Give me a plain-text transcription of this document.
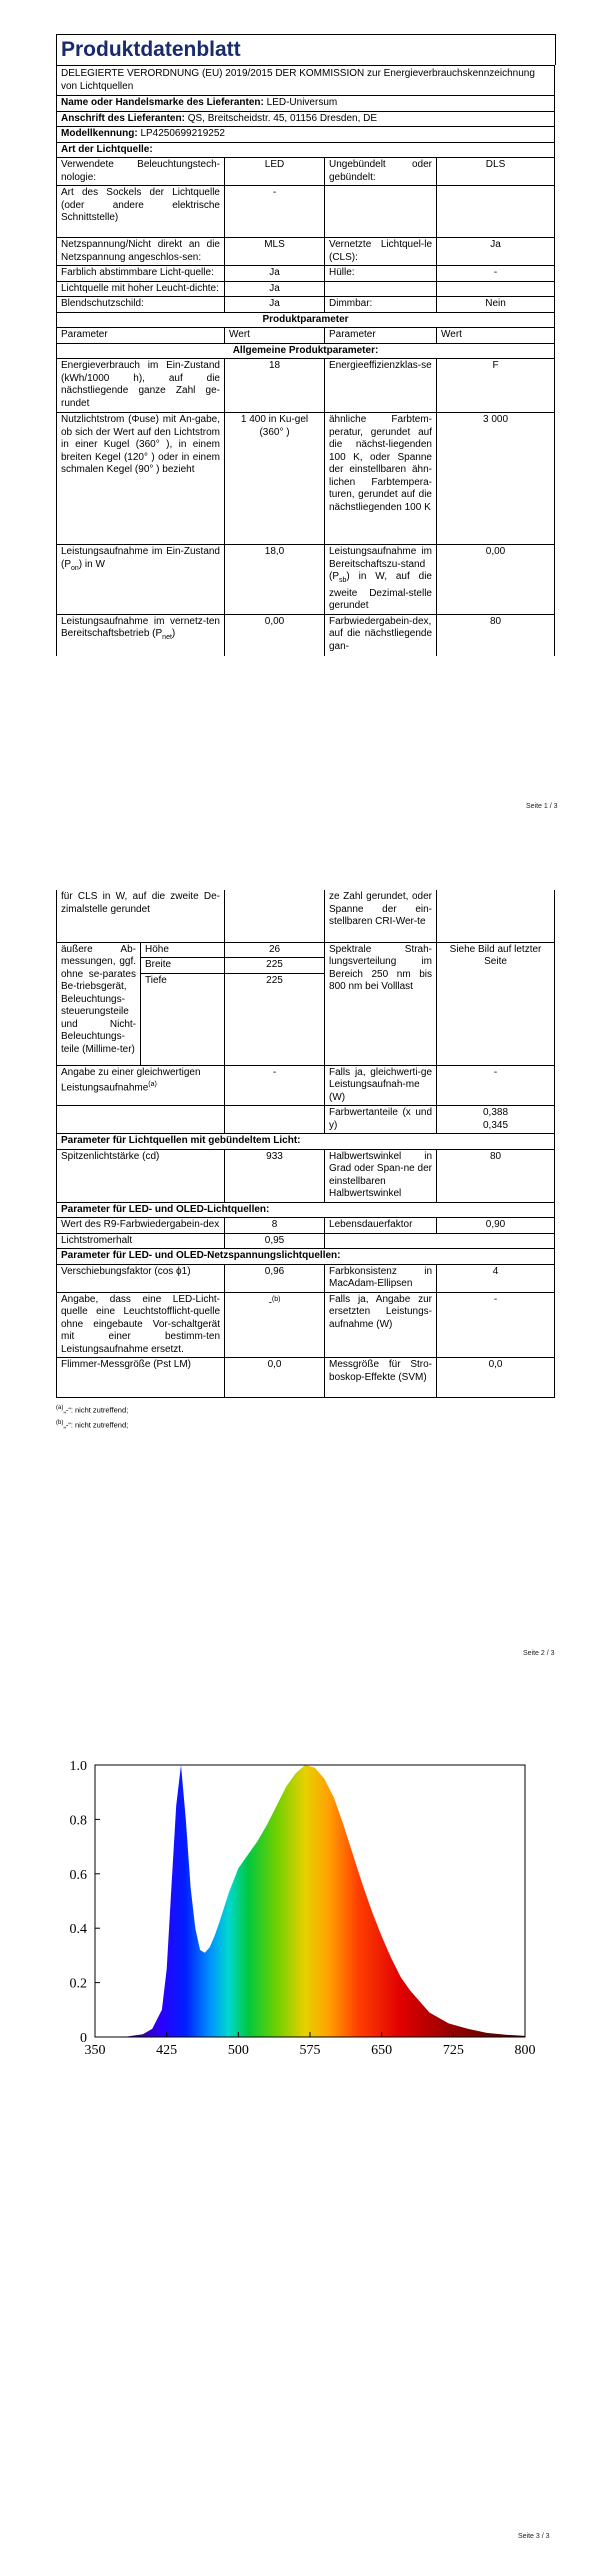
Produktdatenblatt
DELEGIERTE VERORDNUNG (EU) 2019/2015 DER KOMMISSION zur Energieverbrauchskennzeichnung von Lichtquellen			
Name oder Handelsmarke des Lieferanten: LED-Universum			
Anschrift des Lieferanten: QS, Breitscheidstr. 45, 01156 Dresden, DE			
Modellkennung: LP4250699219252			
Art der Lichtquelle:			
Verwendete Beleuchtungstech-nologie:	LED	Ungebündelt oder gebündelt:	DLS
Art des Sockels der Lichtquelle (oder andere elektrische Schnittstelle)	-		
Netzspannung/Nicht direkt an die Netzspannung angeschlos-sen:	MLS	Vernetzte Lichtquel-le (CLS):	Ja
Farblich abstimmbare Licht-quelle:	Ja	Hülle:	-
Lichtquelle mit hoher Leucht-dichte:	Ja		
Blendschutzschild:	Ja	Dimmbar:	Nein
Produktparameter			
Parameter	Wert	Parameter	Wert
Allgemeine Produktparameter:			
Energieverbrauch im Ein-Zustand (kWh/1000 h), auf die nächstliegende ganze Zahl ge-rundet	18	Energieeffizienzklas-se	F
Nutzlichtstrom (Φuse) mit An-gabe, ob sich der Wert auf den Lichtstrom in einer Kugel (360° ), in einem breiten Kegel (120° ) oder in einem schmalen Kegel (90° ) bezieht	1 400 in Ku-gel (360° )	ähnliche Farbtem-peratur, gerundet auf die nächst-liegenden 100 K, oder Spanne der einstellbaren ähn-lichen Farbtempera-turen, gerundet auf die nächstliegenden 100 K	3 000
Leistungsaufnahme im Ein-Zustand $(P_{on})$ in W	18,0	Leistungsaufnahme im Bereitschaftszu-stand $(P_{sb})$ in W, auf die zweite Dezimal-stelle gerundet	0,00
Leistungsaufnahme im vernetz-ten Bereitschaftsbetrieb $(P_{net})$	0,00	Farbwiedergabein-dex, auf die nächstliegende gan-	80
Seite 1 / 3
für CLS in W, auf die zweite De-zimalstelle gerundet			ze Zahl gerundet, oder Spanne der ein-stellbaren CRI-Wer-te	
äußere Ab-messungen, ggf. ohne se-parates Be-triebsgerät, Beleuchtungs-steuerungsteile und Nicht-Beleuchtungs-teile (Millime-ter)	Höhe	26	Spektrale Strah-lungsverteilung im Bereich 250 nm bis 800 nm bei Volllast	Siehe Bild auf letzter Seite
	Breite	225		
	Tiefe	225		
Angabe zu einer gleichwertigen Leistungsaufnahme$^{(a)}$		-	Falls ja, gleichwerti-ge Leistungsaufnah-me (W)	-
			Farbwertanteile (x und y)	0,388
0,345

Parameter für Lichtquellen mit gebündeltem Licht:				
Spitzenlichtstärke (cd)		933	Halbwertswinkel in Grad oder Span-ne der einstellbaren Halbwertswinkel	80
Parameter für LED- und OLED-Lichtquellen:				
Wert des R9-Farbwiedergabein-dex		8	Lebensdauerfaktor	0,90
Lichtstromerhalt		0,95		
Parameter für LED- und OLED-Netzspannungslichtquellen:				
Verschiebungsfaktor (cos ϕ1)		0,96	Farbkonsistenz in MacAdam-Ellipsen	4
Angabe, dass eine LED-Licht-quelle eine Leuchtstofflicht-quelle ohne eingebaute Vor-schaltgerät mit einer bestimm-ten Leistungsaufnahme ersetzt.		-$^{(b)}$	Falls ja, Angabe zur ersetzten Leistungs-aufnahme (W)	-
Flimmer-Messgröße (Pst LM)		0,0	Messgröße für Stro-boskop-Effekte (SVM)	0,0
$^{(a)}$„-“: nicht zutreffend;
$^{(b)}$„-“: nicht zutreffend;
Seite 2 / 3
0
0.2
0.4
0.6
0.8
1.0
350	425	500	575	650	725	800
Seite 3 / 3
